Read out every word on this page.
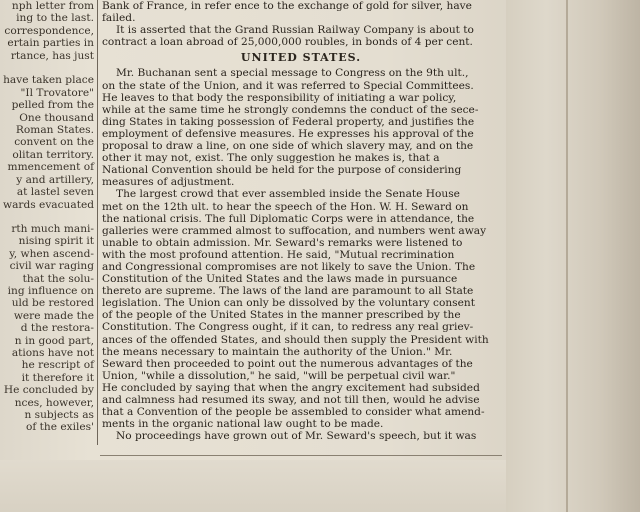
nph letter from
ing to the last.
correspondence,
ertain parties in
rtance, has just

have taken place
"Il Trovatore"
pelled from the
One thousand
Roman States.
convent on the
olitan territory.
mmencement of
y and artillery,
at lastel seven
wards evacuated
rth much mani-
nising spirit it
y, when ascend-
civil war raging
that the solu-
ing influence on
uld be restored
were made the
d the restora-
n in good part,
ations have not
he rescript of
it therefore it
He concluded by
nces, however,
n subjects as
of the exiles'
Bank of France, in refer ence to the exchange of gold for silver, have
failed.
It is asserted that the Grand Russian Railway Company is about to
contract a loan abroad of 25,000,000 roubles, in bonds of 4 per cent.
UNITED STATES.
Mr. Buchanan sent a special message to Congress on the 9th ult.,
on the state of the Union, and it was referred to Special Committees.
He leaves to that body the responsibility of initiating a war policy,
while at the same time he strongly condemns the conduct of the sece-
ding States in taking possession of Federal property, and justifies the
employment of defensive measures. He expresses his approval of the
proposal to draw a line, on one side of which slavery may, and on the
other it may not, exist. The only suggestion he makes is, that a
National Convention should be held for the purpose of considering
measures of adjustment.
The largest crowd that ever assembled inside the Senate House
met on the 12th ult. to hear the speech of the Hon. W. H. Seward on
the national crisis. The full Diplomatic Corps were in attendance, the
galleries were crammed almost to suffocation, and numbers went away
unable to obtain admission. Mr. Seward's remarks were listened to
with the most profound attention. He said, "Mutual recrimination
and Congressional compromises are not likely to save the Union. The
Constitution of the United States and the laws made in pursuance
thereto are supreme. The laws of the land are paramount to all State
legislation. The Union can only be dissolved by the voluntary consent
of the people of the United States in the manner prescribed by the
Constitution. The Congress ought, if it can, to redress any real griev-
ances of the offended States, and should then supply the President with
the means necessary to maintain the authority of the Union." Mr.
Seward then proceeded to point out the numerous advantages of the
Union, "while a dissolution," he said, "will be perpetual civil war."
He concluded by saying that when the angry excitement had subsided
and calmness had resumed its sway, and not till then, would he advise
that a Convention of the people be assembled to consider what amend-
ments in the organic national law ought to be made.
No proceedings have grown out of Mr. Seward's speech, but it was
